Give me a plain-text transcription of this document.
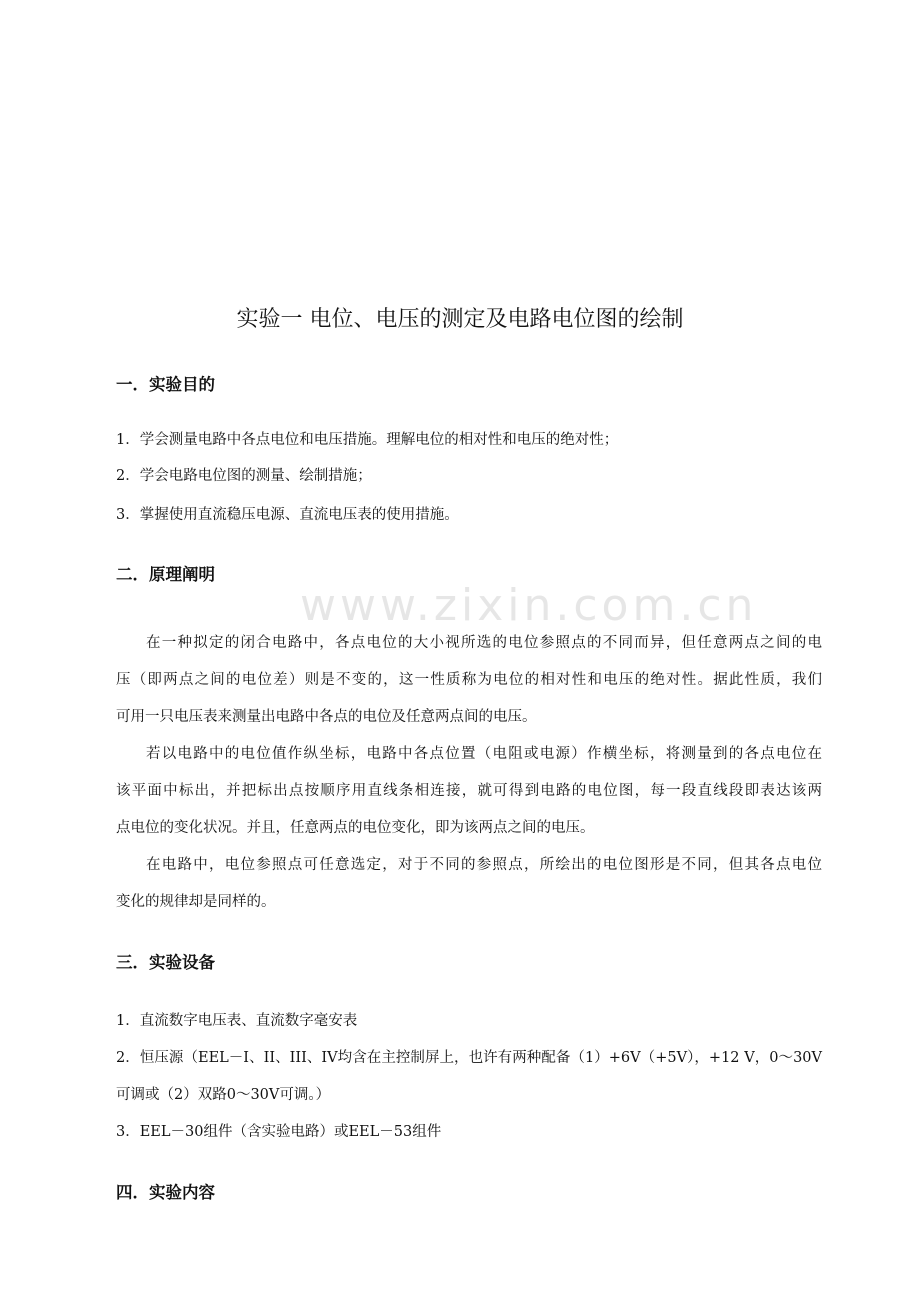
www.zixin.com.cn
实验一 电位、电压的测定及电路电位图的绘制
一．实验目的
1．学会测量电路中各点电位和电压措施。理解电位的相对性和电压的绝对性；
2．学会电路电位图的测量、绘制措施；
3．掌握使用直流稳压电源、直流电压表的使用措施。
二．原理阐明
在一种拟定的闭合电路中，各点电位的大小视所选的电位参照点的不同而异，但任意两点之间的电
压（即两点之间的电位差）则是不变的，这一性质称为电位的相对性和电压的绝对性。据此性质，我们
可用一只电压表来测量出电路中各点的电位及任意两点间的电压。
若以电路中的电位值作纵坐标，电路中各点位置（电阻或电源）作横坐标，将测量到的各点电位在
该平面中标出，并把标出点按顺序用直线条相连接，就可得到电路的电位图，每一段直线段即表达该两
点电位的变化状况。并且，任意两点的电位变化，即为该两点之间的电压。
在电路中，电位参照点可任意选定，对于不同的参照点，所绘出的电位图形是不同，但其各点电位
变化的规律却是同样的。
三．实验设备
1．直流数字电压表、直流数字毫安表
2．恒压源（EEL－I、II、III、IV均含在主控制屏上，也许有两种配备（1）+6V（+5V），+12 V，0～30V
可调或（2）双路0～30V可调。）
3．EEL－30组件（含实验电路）或EEL－53组件
四．实验内容
